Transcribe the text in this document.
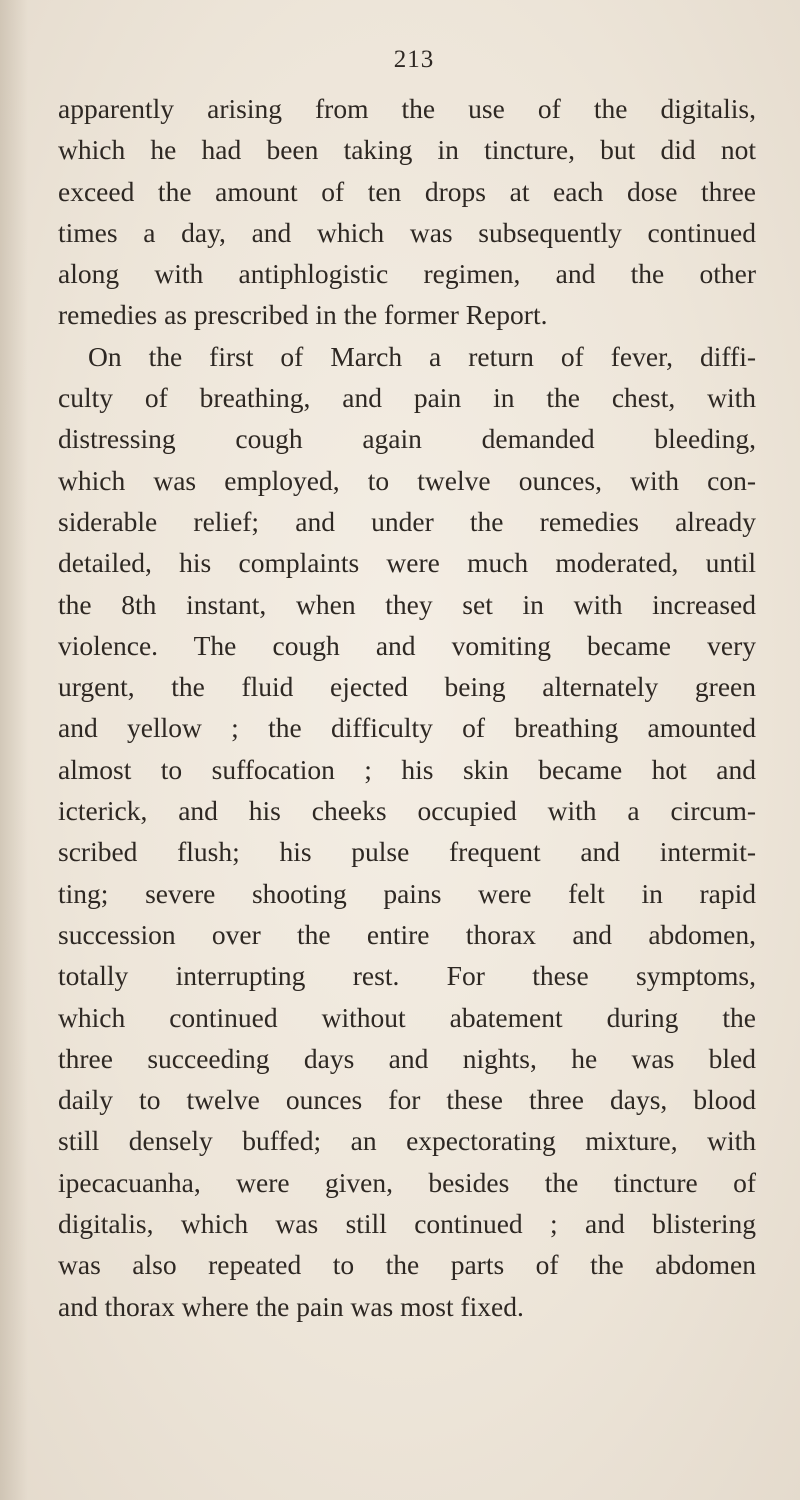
213
apparently arising from the use of the digitalis,
which he had been taking in tincture, but did not
exceed the amount of ten drops at each dose three
times a day, and which was subsequently continued
along with antiphlogistic regimen, and the other
remedies as prescribed in the former Report.
On the first of March a return of fever, diffi-
culty of breathing, and pain in the chest, with
distressing cough again demanded bleeding,
which was employed, to twelve ounces, with con-
siderable relief; and under the remedies already
detailed, his complaints were much moderated, until
the 8th instant, when they set in with increased
violence. The cough and vomiting became very
urgent, the fluid ejected being alternately green
and yellow ; the difficulty of breathing amounted
almost to suffocation ; his skin became hot and
icterick, and his cheeks occupied with a circum-
scribed flush; his pulse frequent and intermit-
ting; severe shooting pains were felt in rapid
succession over the entire thorax and abdomen,
totally interrupting rest. For these symptoms,
which continued without abatement during the
three succeeding days and nights, he was bled
daily to twelve ounces for these three days, blood
still densely buffed; an expectorating mixture, with
ipecacuanha, were given, besides the tincture of
digitalis, which was still continued ; and blistering
was also repeated to the parts of the abdomen
and thorax where the pain was most fixed.
